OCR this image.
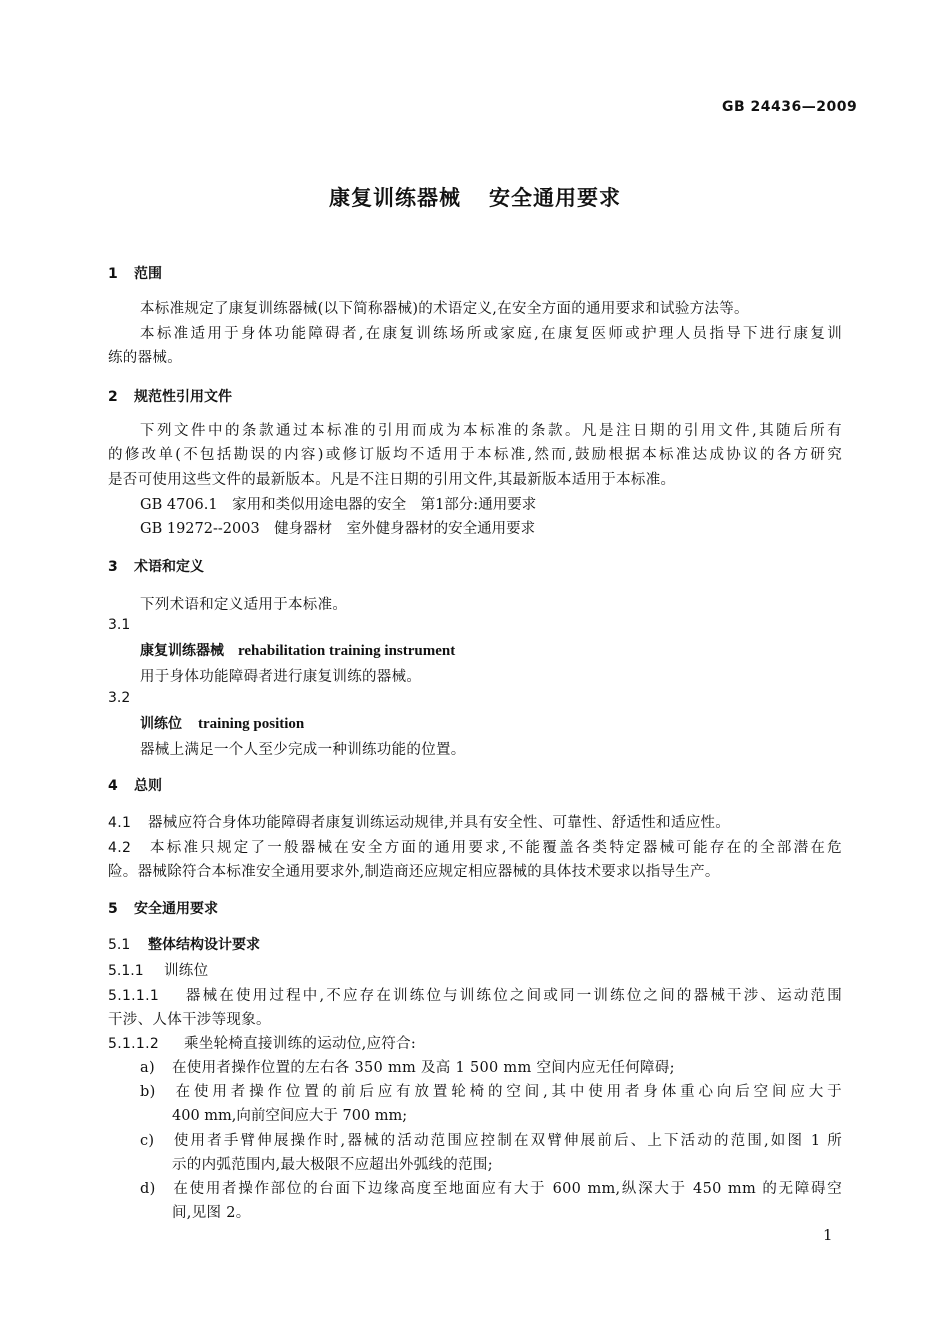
GB 24436—2009
康复训练器械 安全通用要求
1 范围
本标准规定了康复训练器械(以下简称器械)的术语定义,在安全方面的通用要求和试验方法等。
本标准适用于身体功能障碍者,在康复训练场所或家庭,在康复医师或护理人员指导下进行康复训
练的器械。
2 规范性引用文件
下列文件中的条款通过本标准的引用而成为本标准的条款。凡是注日期的引用文件,其随后所有
的修改单(不包括勘误的内容)或修订版均不适用于本标准,然而,鼓励根据本标准达成协议的各方研究
是否可使用这些文件的最新版本。凡是不注日期的引用文件,其最新版本适用于本标准。
GB 4706.1　家用和类似用途电器的安全　第1部分:通用要求
GB 19272--2003　健身器材　室外健身器材的安全通用要求
3 术语和定义
下列术语和定义适用于本标准。
3.1
康复训练器械 rehabilitation training instrument
用于身体功能障碍者进行康复训练的器械。
3.2
训练位 training position
器械上满足一个人至少完成一种训练功能的位置。
4 总则
4.1 器械应符合身体功能障碍者康复训练运动规律,并具有安全性、可靠性、舒适性和适应性。
4.2 本标准只规定了一般器械在安全方面的通用要求,不能覆盖各类特定器械可能存在的全部潜在危
险。器械除符合本标准安全通用要求外,制造商还应规定相应器械的具体技术要求以指导生产。
5 安全通用要求
5.1 整体结构设计要求
5.1.1 训练位
5.1.1.1 器械在使用过程中,不应存在训练位与训练位之间或同一训练位之间的器械干涉、运动范围
干涉、人体干涉等现象。
5.1.1.2 乘坐轮椅直接训练的运动位,应符合:
a) 在使用者操作位置的左右各 350 mm 及高 1 500 mm 空间内应无任何障碍;
b) 在使用者操作位置的前后应有放置轮椅的空间,其中使用者身体重心向后空间应大于
400 mm,向前空间应大于 700 mm;
c) 使用者手臂伸展操作时,器械的活动范围应控制在双臂伸展前后、上下活动的范围,如图 1 所
示的内弧范围内,最大极限不应超出外弧线的范围;
d) 在使用者操作部位的台面下边缘高度至地面应有大于 600 mm,纵深大于 450 mm 的无障碍空
间,见图 2。
1
